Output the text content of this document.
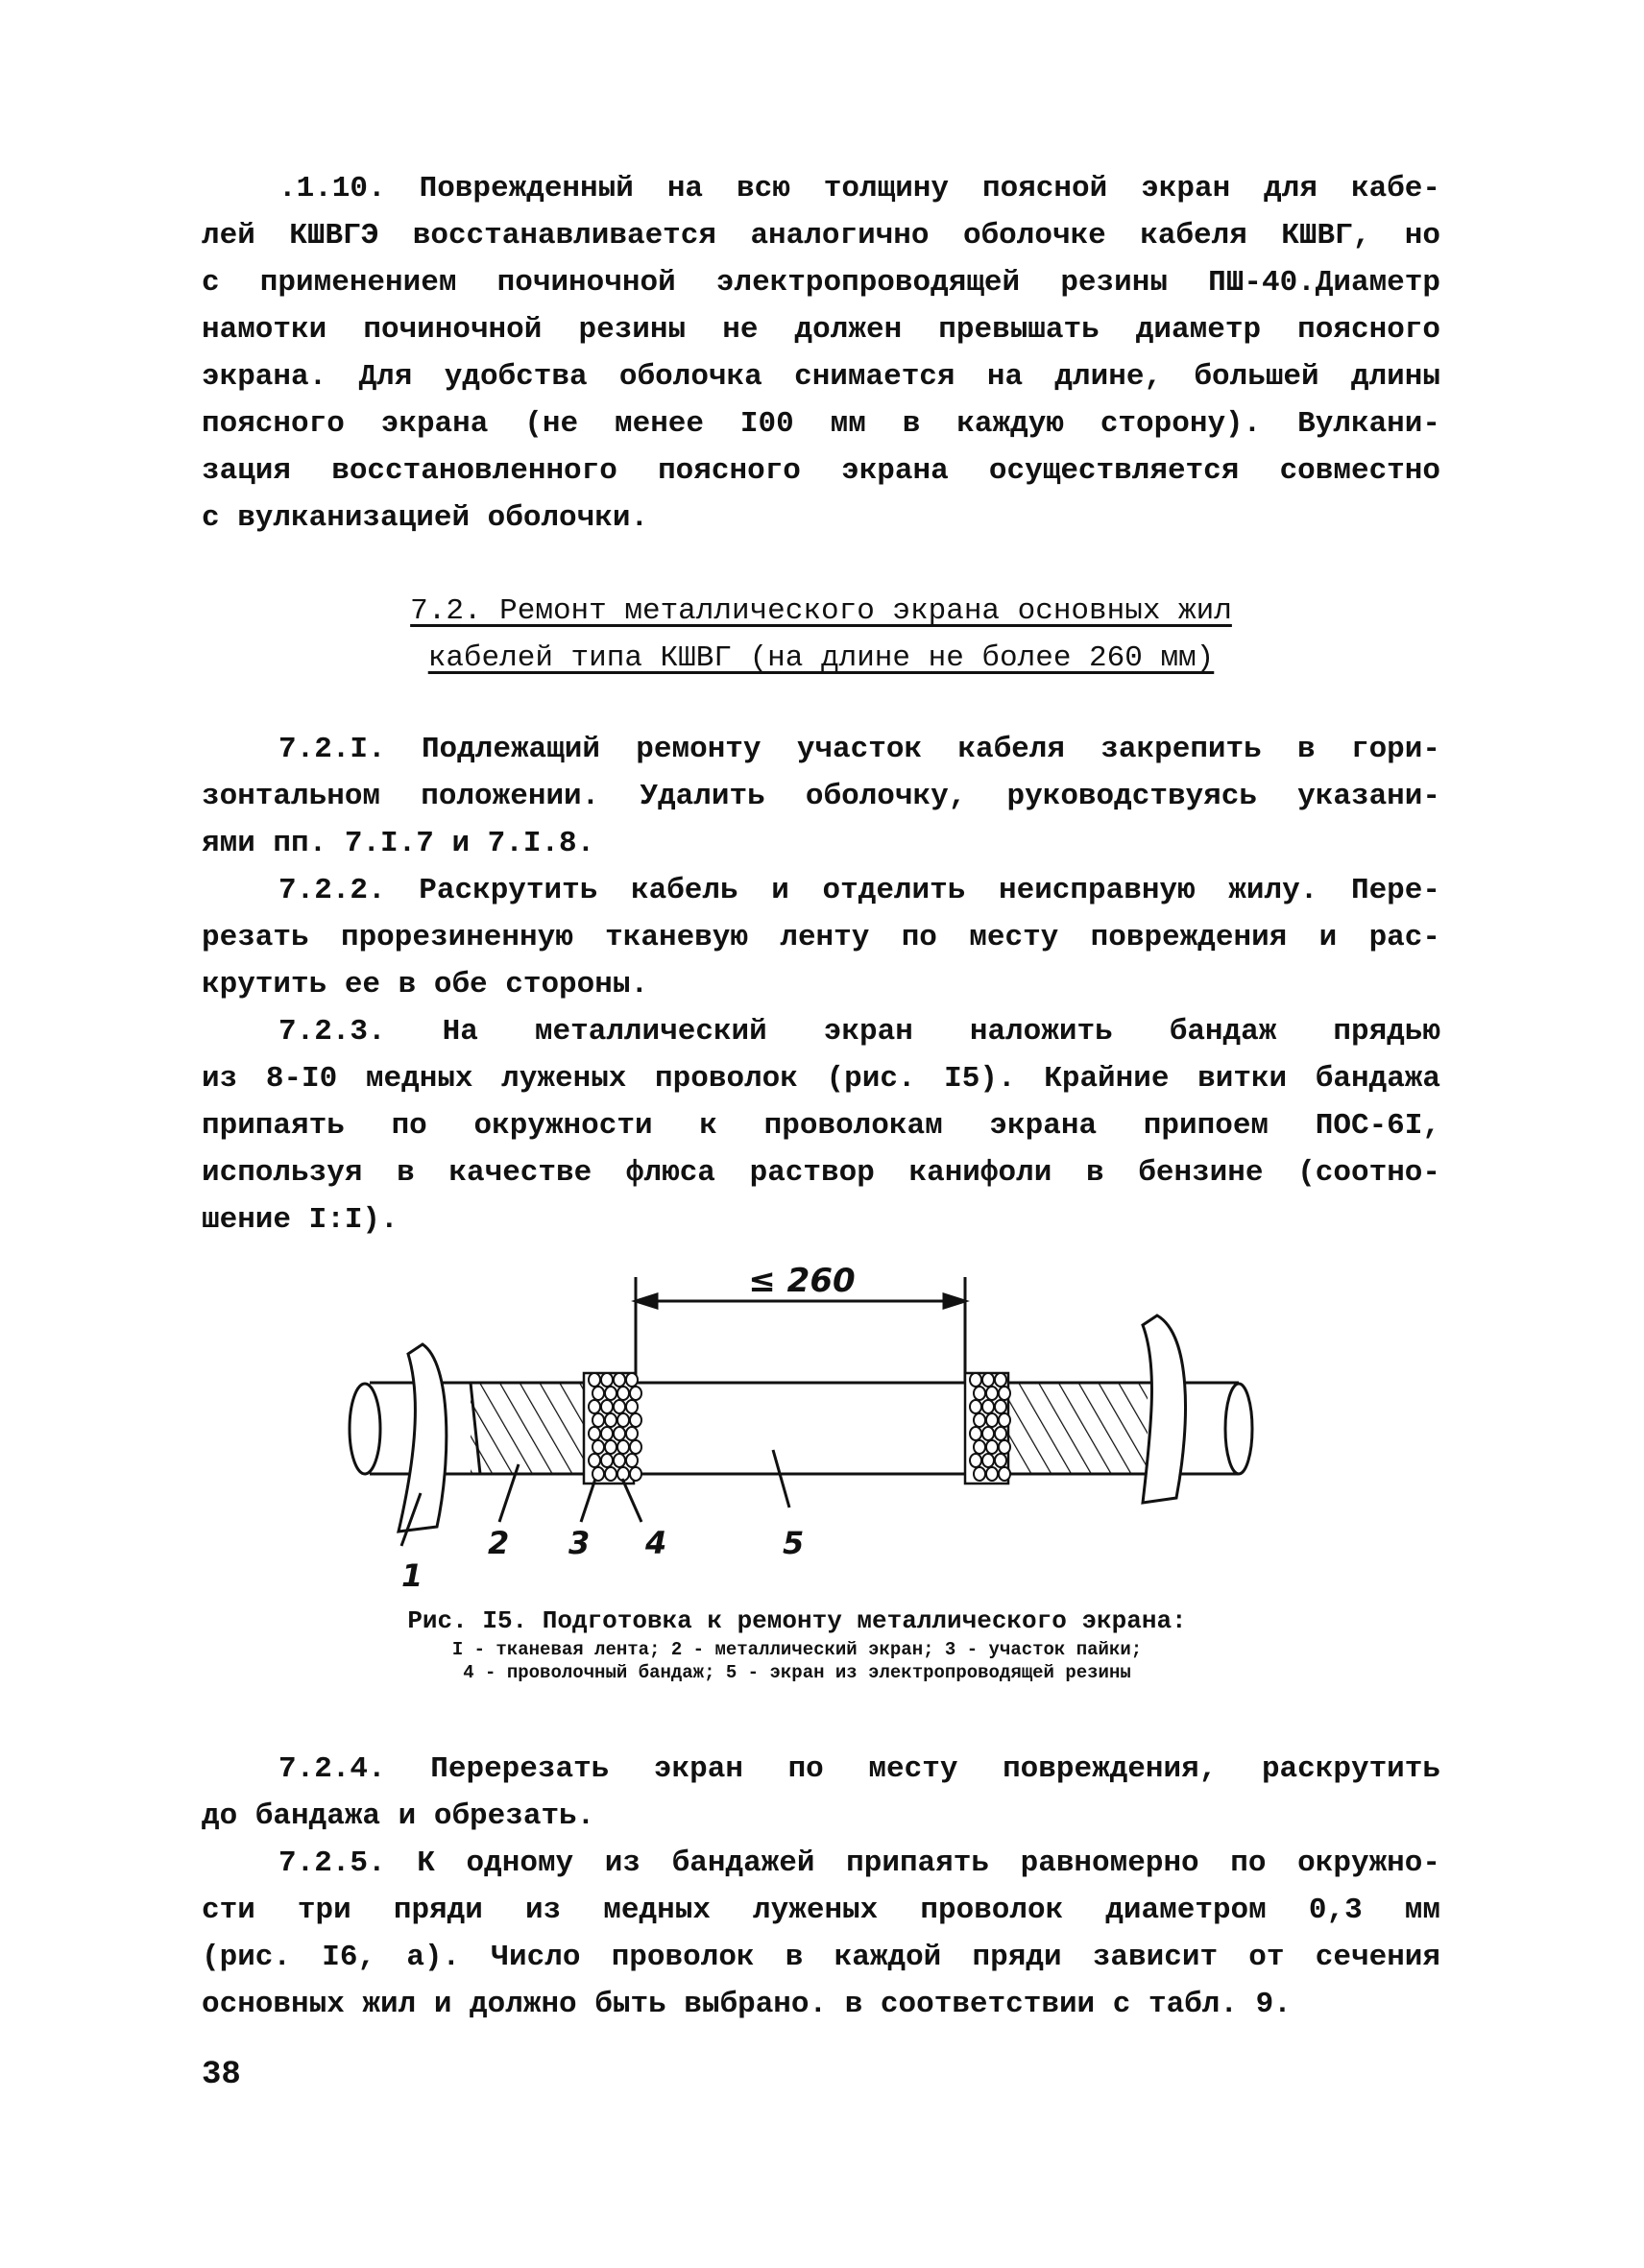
.1.10. Поврежденный на всю толщину поясной экран для кабе-
лей КШВГЭ восстанавливается аналогично оболочке кабеля КШВГ, но
с применением починочной электропроводящей резины ПШ-40.Диаметр
намотки починочной резины не должен превышать диаметр поясного
экрана. Для удобства оболочка снимается на длине, большей длины
поясного экрана (не менее I00 мм в каждую сторону). Вулкани-
зация восстановленного поясного экрана осуществляется совместно
с вулканизацией оболочки.
7.2. Ремонт металлического экрана основных жил
кабелей типа КШВГ (на длине не более 260 мм)
7.2.I. Подлежащий ремонту участок кабеля закрепить в гори-
зонтальном положении. Удалить оболочку, руководствуясь указани-
ями пп. 7.I.7 и 7.I.8.
7.2.2. Раскрутить кабель и отделить неисправную жилу. Пере-
резать прорезиненную тканевую ленту по месту повреждения и рас-
крутить ее в обе стороны.
7.2.3. На металлический экран наложить бандаж прядью
из 8-I0 медных луженых проволок (рис. I5). Крайние витки бандажа
припаять по окружности к проволокам экрана припоем ПОС-6I,
используя в качестве флюса раствор канифоли в бензине (соотно-
шение I:I).
≤ 260
1
2 3 4	5
Рис. I5. Подготовка к ремонту металлического экрана:
I - тканевая лента; 2 - металлический экран; 3 - участок пайки;
4 - проволочный бандаж; 5 - экран из электропроводящей резины
7.2.4. Перерезать экран по месту повреждения, раскрутить
до бандажа и обрезать.
7.2.5. К одному из бандажей припаять равномерно по окружно-
сти три пряди из медных луженых проволок диаметром 0,3 мм
(рис. I6, а). Число проволок в каждой пряди зависит от сечения
основных жил и должно быть выбрано. в соответствии с табл. 9.
38
